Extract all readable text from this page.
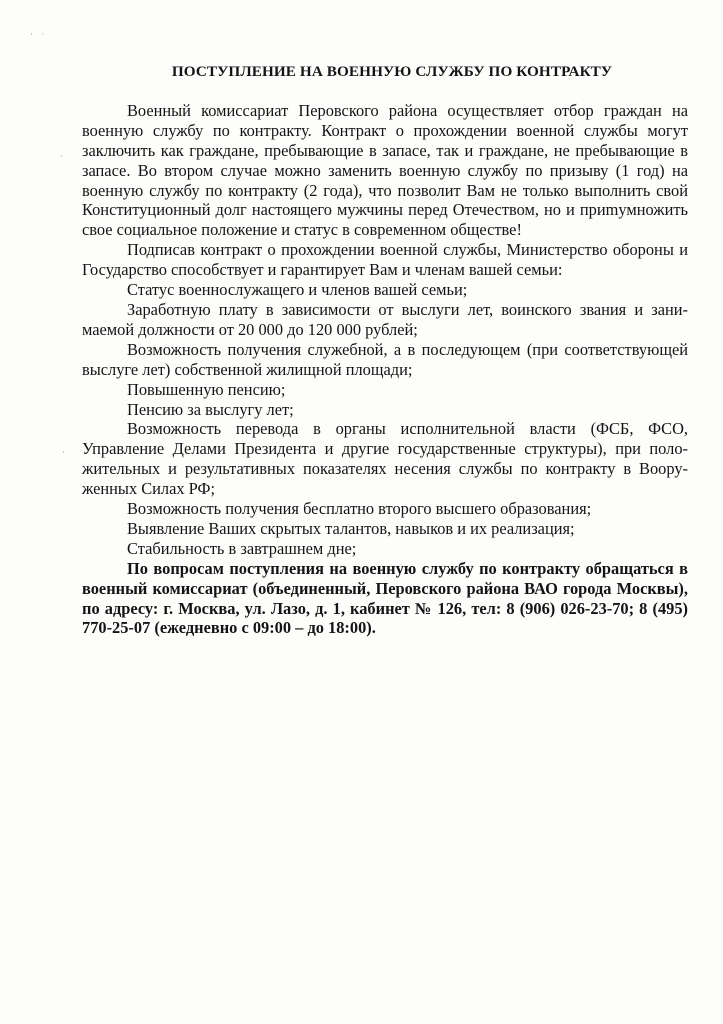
·   ·
·
·
ПОСТУПЛЕНИЕ НА ВОЕННУЮ СЛУЖБУ ПО КОНТРАКТУ

Военный комиссариат Перовского района осуществляет отбор граждан на военную службу по контракту. Контракт о прохождении военной службы могут заключить как граждане, пребывающие в запасе, так и граждане, не пребывающие в запасе. Во втором случае можно заменить военную службу по призыву (1 год) на военную службу по контракту (2 года), что позволит Вам не только выполнить свой Конституционный долг настоящего мужчины перед Отечеством, но и приmумножить свое социальное положение и статус в современном обществе!

Подписав контракт о прохождении военной службы, Министерство обороны и Государство способствует и гарантирует Вам и членам вашей семьи:

Статус военнослужащего и членов вашей семьи;

Заработную плату в зависимости от выслуги лет, воинского звания и занимаемой должности от 20 000 до 120 000 рублей;

Возможность получения служебной, а в последующем (при соответствующей выслуге лет) собственной жилищной площади;

Повышенную пенсию;

Пенсию за выслугу лет;

Возможность перевода в органы исполнительной власти (ФСБ, ФСО, Управление Делами Президента и другие государственные структуры), при положительных и результативных показателях несения службы по контракту в Вооруженных Силах РФ;

Возможность получения бесплатно второго высшего образования;

Выявление Ваших скрытых талантов, навыков и их реализация;

Стабильность в завтрашнем дне;

По вопросам поступления на военную службу по контракту обращаться в военный комиссариат (объединенный, Перовского района ВАО города Москвы), по адресу: г. Москва, ул. Лазо, д. 1, кабинет № 126, тел: 8 (906) 026-23-70; 8 (495) 770-25-07 (ежедневно с 09:00 – до 18:00).
